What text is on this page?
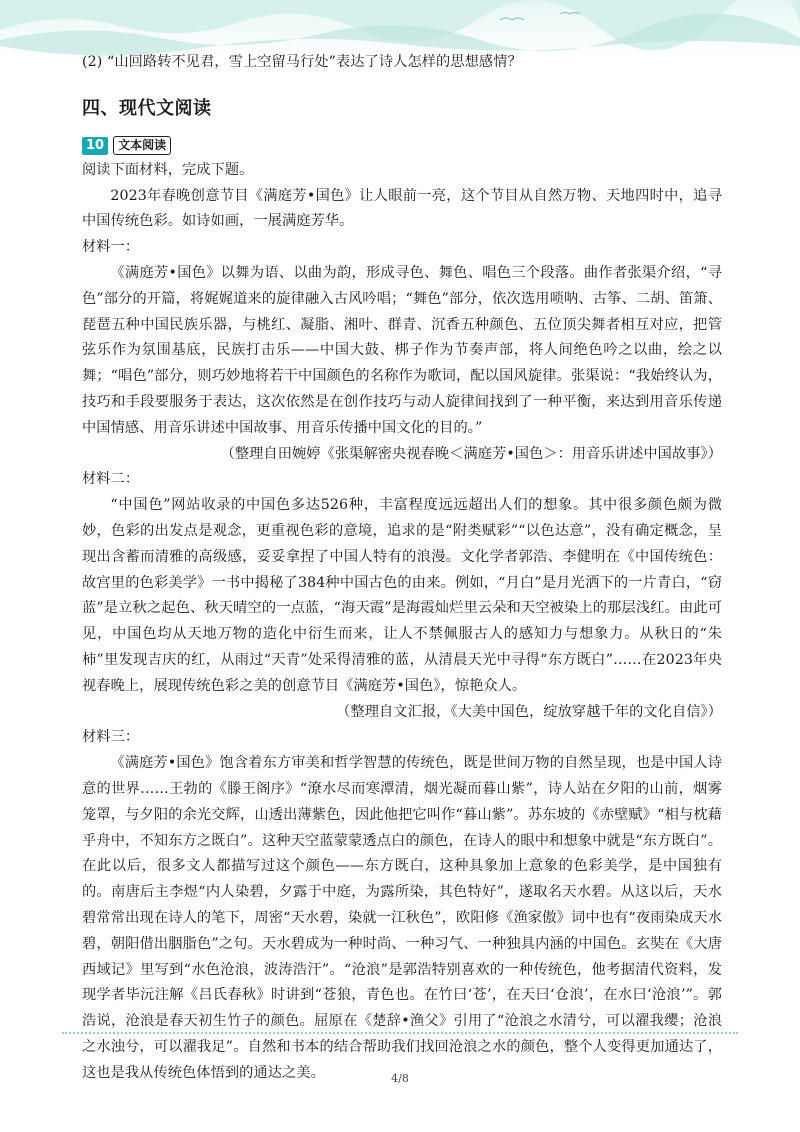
(2) “山回路转不见君，雪上空留马行处”表达了诗人怎样的思想感情？

四、现代文阅读
10	文本阅读

阅读下面材料，完成下题。

2023年春晚创意节目《满庭芳•国色》让人眼前一亮，这个节目从自然万物、天地四时中，追寻中国传统色彩。如诗如画，一展满庭芳华。

材料一：

《满庭芳•国色》以舞为语、以曲为韵，形成寻色、舞色、唱色三个段落。曲作者张渠介绍，“寻色”部分的开篇，将娓娓道来的旋律融入古风吟唱；“舞色”部分，依次选用唢呐、古筝、二胡、笛箫、琵琶五种中国民族乐器，与桃红、凝脂、湘叶、群青、沉香五种颜色、五位顶尖舞者相互对应，把管弦乐作为氛围基底，民族打击乐——中国大鼓、梆子作为节奏声部，将人间绝色吟之以曲，绘之以舞；“唱色”部分，则巧妙地将若干中国颜色的名称作为歌词，配以国风旋律。张渠说：“我始终认为，技巧和手段要服务于表达，这次依然是在创作技巧与动人旋律间找到了一种平衡，来达到用音乐传递中国情感、用音乐讲述中国故事、用音乐传播中国文化的目的。”

（整理自田婉婷《张渠解密央视春晚＜满庭芳•国色＞：用音乐讲述中国故事》）

材料二：

“中国色”网站收录的中国色多达526种，丰富程度远远超出人们的想象。其中很多颜色颇为微妙，色彩的出发点是观念，更重视色彩的意境，追求的是“附类赋彩”“以色达意”，没有确定概念，呈现出含蓄而清雅的高级感，妥妥拿捏了中国人特有的浪漫。文化学者郭浩、李健明在《中国传统色：故宫里的色彩美学》一书中揭秘了384种中国古色的由来。例如，“月白”是月光洒下的一片青白，“窃蓝”是立秋之起色、秋天晴空的一点蓝，“海天霞”是海霞灿烂里云朵和天空被染上的那层浅红。由此可见，中国色均从天地万物的造化中衍生而来，让人不禁佩服古人的感知力与想象力。从秋日的“朱柿”里发现吉庆的红，从雨过“天青”处采得清雅的蓝，从清晨天光中寻得“东方既白”……在2023年央视春晚上，展现传统色彩之美的创意节目《满庭芳•国色》，惊艳众人。

（整理自文汇报，《大美中国色，绽放穿越千年的文化自信》）

材料三：

《满庭芳•国色》饱含着东方审美和哲学智慧的传统色，既是世间万物的自然呈现，也是中国人诗意的世界……王勃的《滕王阁序》“潦水尽而寒潭清，烟光凝而暮山紫”，诗人站在夕阳的山前，烟雾笼罩，与夕阳的余光交辉，山透出薄紫色，因此他把它叫作“暮山紫”。苏东坡的《赤壁赋》“相与枕藉乎舟中，不知东方之既白”。这种天空蓝蒙蒙透点白的颜色，在诗人的眼中和想象中就是“东方既白”。在此以后，很多文人都描写过这个颜色——东方既白，这种具象加上意象的色彩美学，是中国独有的。南唐后主李煜“内人染碧，夕露于中庭，为露所染，其色特好”，遂取名天水碧。从这以后，天水碧常常出现在诗人的笔下，周密“天水碧，染就一江秋色”，欧阳修《渔家傲》词中也有“夜雨染成天水碧，朝阳借出胭脂色”之句。天水碧成为一种时尚、一种习气、一种独具内涵的中国色。玄奘在《大唐西域记》里写到“水色沧浪，波涛浩汗”。“沧浪”是郭浩特别喜欢的一种传统色，他考据清代资料，发现学者毕沅注解《吕氏春秋》时讲到“苍狼，青色也。在竹曰‘苍’，在天曰‘仓浪’，在水曰‘沧浪’”。郭浩说，沧浪是春天初生竹子的颜色。屈原在《楚辞•渔父》引用了“沧浪之水清兮，可以濯我缨；沧浪之水浊兮，可以濯我足”。自然和书本的结合帮助我们找回沧浪之水的颜色，整个人变得更加通达了，这也是我从传统色体悟到的通达之美。	4/8
